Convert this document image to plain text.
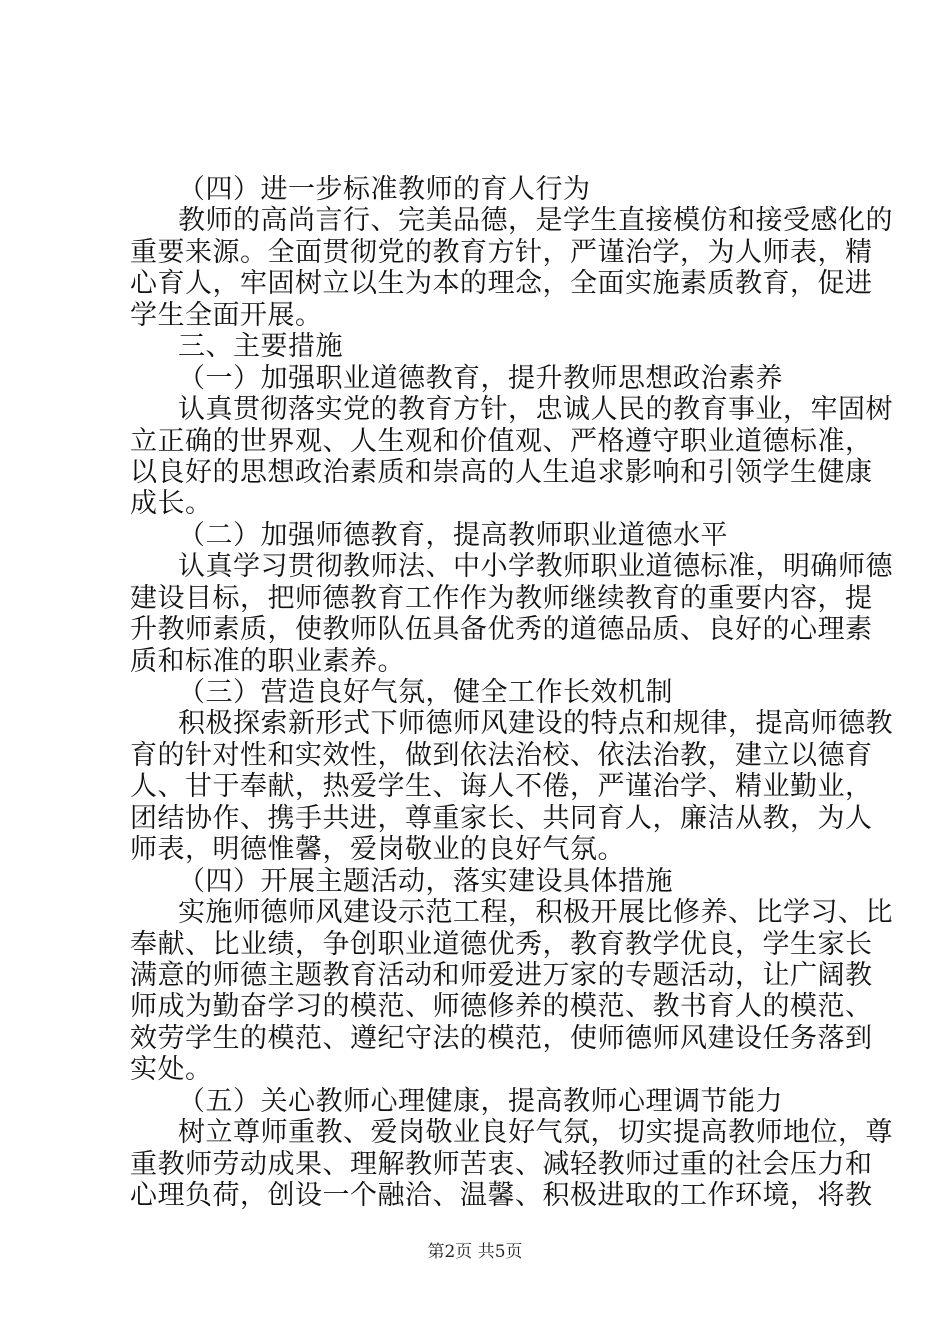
（四）进一步标准教师的育人行为
教师的高尚言行、完美品德，是学生直接模仿和接受感化的
重要来源。全面贯彻党的教育方针，严谨治学，为人师表，精
心育人，牢固树立以生为本的理念，全面实施素质教育，促进
学生全面开展。
三、主要措施
（一）加强职业道德教育，提升教师思想政治素养
认真贯彻落实党的教育方针，忠诚人民的教育事业，牢固树
立正确的世界观、人生观和价值观、严格遵守职业道德标准，
以良好的思想政治素质和崇高的人生追求影响和引领学生健康
成长。
（二）加强师德教育，提高教师职业道德水平
认真学习贯彻教师法、中小学教师职业道德标准，明确师德
建设目标，把师德教育工作作为教师继续教育的重要内容，提
升教师素质，使教师队伍具备优秀的道德品质、良好的心理素
质和标准的职业素养。
（三）营造良好气氛，健全工作长效机制
积极探索新形式下师德师风建设的特点和规律，提高师德教
育的针对性和实效性，做到依法治校、依法治教，建立以德育
人、甘于奉献，热爱学生、诲人不倦，严谨治学、精业勤业，
团结协作、携手共进，尊重家长、共同育人，廉洁从教，为人
师表，明德惟馨，爱岗敬业的良好气氛。
（四）开展主题活动，落实建设具体措施
实施师德师风建设示范工程，积极开展比修养、比学习、比
奉献、比业绩，争创职业道德优秀，教育教学优良，学生家长
满意的师德主题教育活动和师爱进万家的专题活动，让广阔教
师成为勤奋学习的模范、师德修养的模范、教书育人的模范、
效劳学生的模范、遵纪守法的模范，使师德师风建设任务落到
实处。
（五）关心教师心理健康，提高教师心理调节能力
树立尊师重教、爱岗敬业良好气氛，切实提高教师地位，尊
重教师劳动成果、理解教师苦衷、减轻教师过重的社会压力和
心理负荷，创设一个融洽、温馨、积极进取的工作环境，将教
第2页 共5页
